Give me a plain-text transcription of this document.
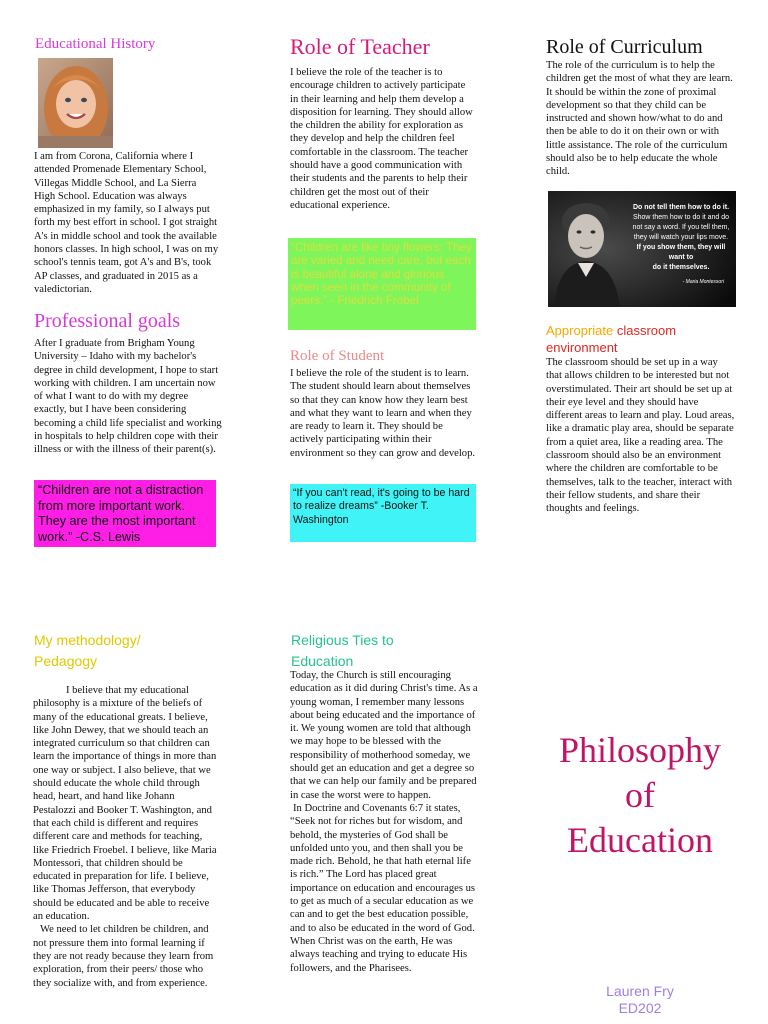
Educational History

I am from Corona, California where I attended Promenade Elementary School, Villegas Middle School, and La Sierra High School. Education was always emphasized in my family, so I always put forth my best effort in school. I got straight A's in middle school and took the available honors classes. In high school, I was on my school's tennis team, got A's and B's, took AP classes, and graduated in 2015 as a valedictorian.

Professional goals

After I graduate from Brigham Young University – Idaho with my bachelor's degree in child development, I hope to start working with children. I am uncertain now of what I want to do with my degree exactly, but I have been considering becoming a child life specialist and working in hospitals to help children cope with their illness or with the illness of their parent(s).

“Children are not a distraction from more important work. They are the most important work.” -C.S. Lewis
My methodology/ Pedagogy

I believe that my educational philosophy is a mixture of the beliefs of many of the educational greats. I believe, like John Dewey, that we should teach an integrated curriculum so that children can learn the importance of things in more than one way or subject. I also believe, that we should educate the whole child through head, heart, and hand like Johann Pestalozzi and Booker T. Washington, and that each child is different and requires different care and methods for teaching, like Friedrich Froebel. I believe, like Maria Montessori, that children should be educated in preparation for life. I believe, like Thomas Jefferson, that everybody should be educated and be able to receive an education.

We need to let children be children, and not pressure them into formal learning if they are not ready because they learn from exploration, from their peers/ those who they socialize with, and from experience.

Role of Teacher

I believe the role of the teacher is to encourage children to actively participate in their learning and help them develop a disposition for learning. They should allow the children the ability for exploration as they develop and help the children feel comfortable in the classroom. The teacher should have a good communication with their students and the parents to help their children get the most out of their educational experience.

“Children are like tiny flowers: They are varied and need care, but each is beautiful alone and glorious when seen in the community of peers.” - Friedrich Frobel
Role of Student

I believe the role of the student is to learn. The student should learn about themselves so that they can know how they learn best and what they want to learn and when they are ready to learn it. They should be actively participating within their environment so they can grow and develop.

“If you can't read, it's going to be hard to realize dreams” -Booker T. Washington
Religious Ties to Education

Today, the Church is still encouraging education as it did during Christ's time. As a young woman, I remember many lessons about being educated and the importance of it. We young women are told that although we may hope to be blessed with the responsibility of motherhood someday, we should get an education and get a degree so that we can help our family and be prepared in case the worst were to happen.

In Doctrine and Covenants 6:7 it states, “Seek not for riches but for wisdom, and behold, the mysteries of God shall be unfolded unto you, and then shall you be made rich. Behold, he that hath eternal life is rich.” The Lord has placed great importance on education and encourages us to get as much of a secular education as we can and to get the best education possible, and to also be educated in the word of God. When Christ was on the earth, He was always teaching and trying to educate His followers, and the Pharisees.

Role of Curriculum

The role of the curriculum is to help the children get the most of what they are learn. It should be within the zone of proximal development so that they child can be instructed and shown how/what to do and then be able to do it on their own or with little assistance. The role of the curriculum should also be to help educate the whole child.

Do not tell them how to do it.
Show them how to do it and do
not say a word. If you tell them,
they will watch your lips move.
If you show them, they will want to
do it themselves.
- Maria Montessori
Appropriate classroom environment

The classroom should be set up in a way that allows children to be interested but not overstimulated. Their art should be set up at their eye level and they should have different areas to learn and play. Loud areas, like a dramatic play area, should be separate from a quiet area, like a reading area. The classroom should also be an environment where the children are comfortable to be themselves, talk to the teacher, interact with their fellow students, and share their thoughts and feelings.

Philosophy
of
Education
Lauren Fry
ED202
